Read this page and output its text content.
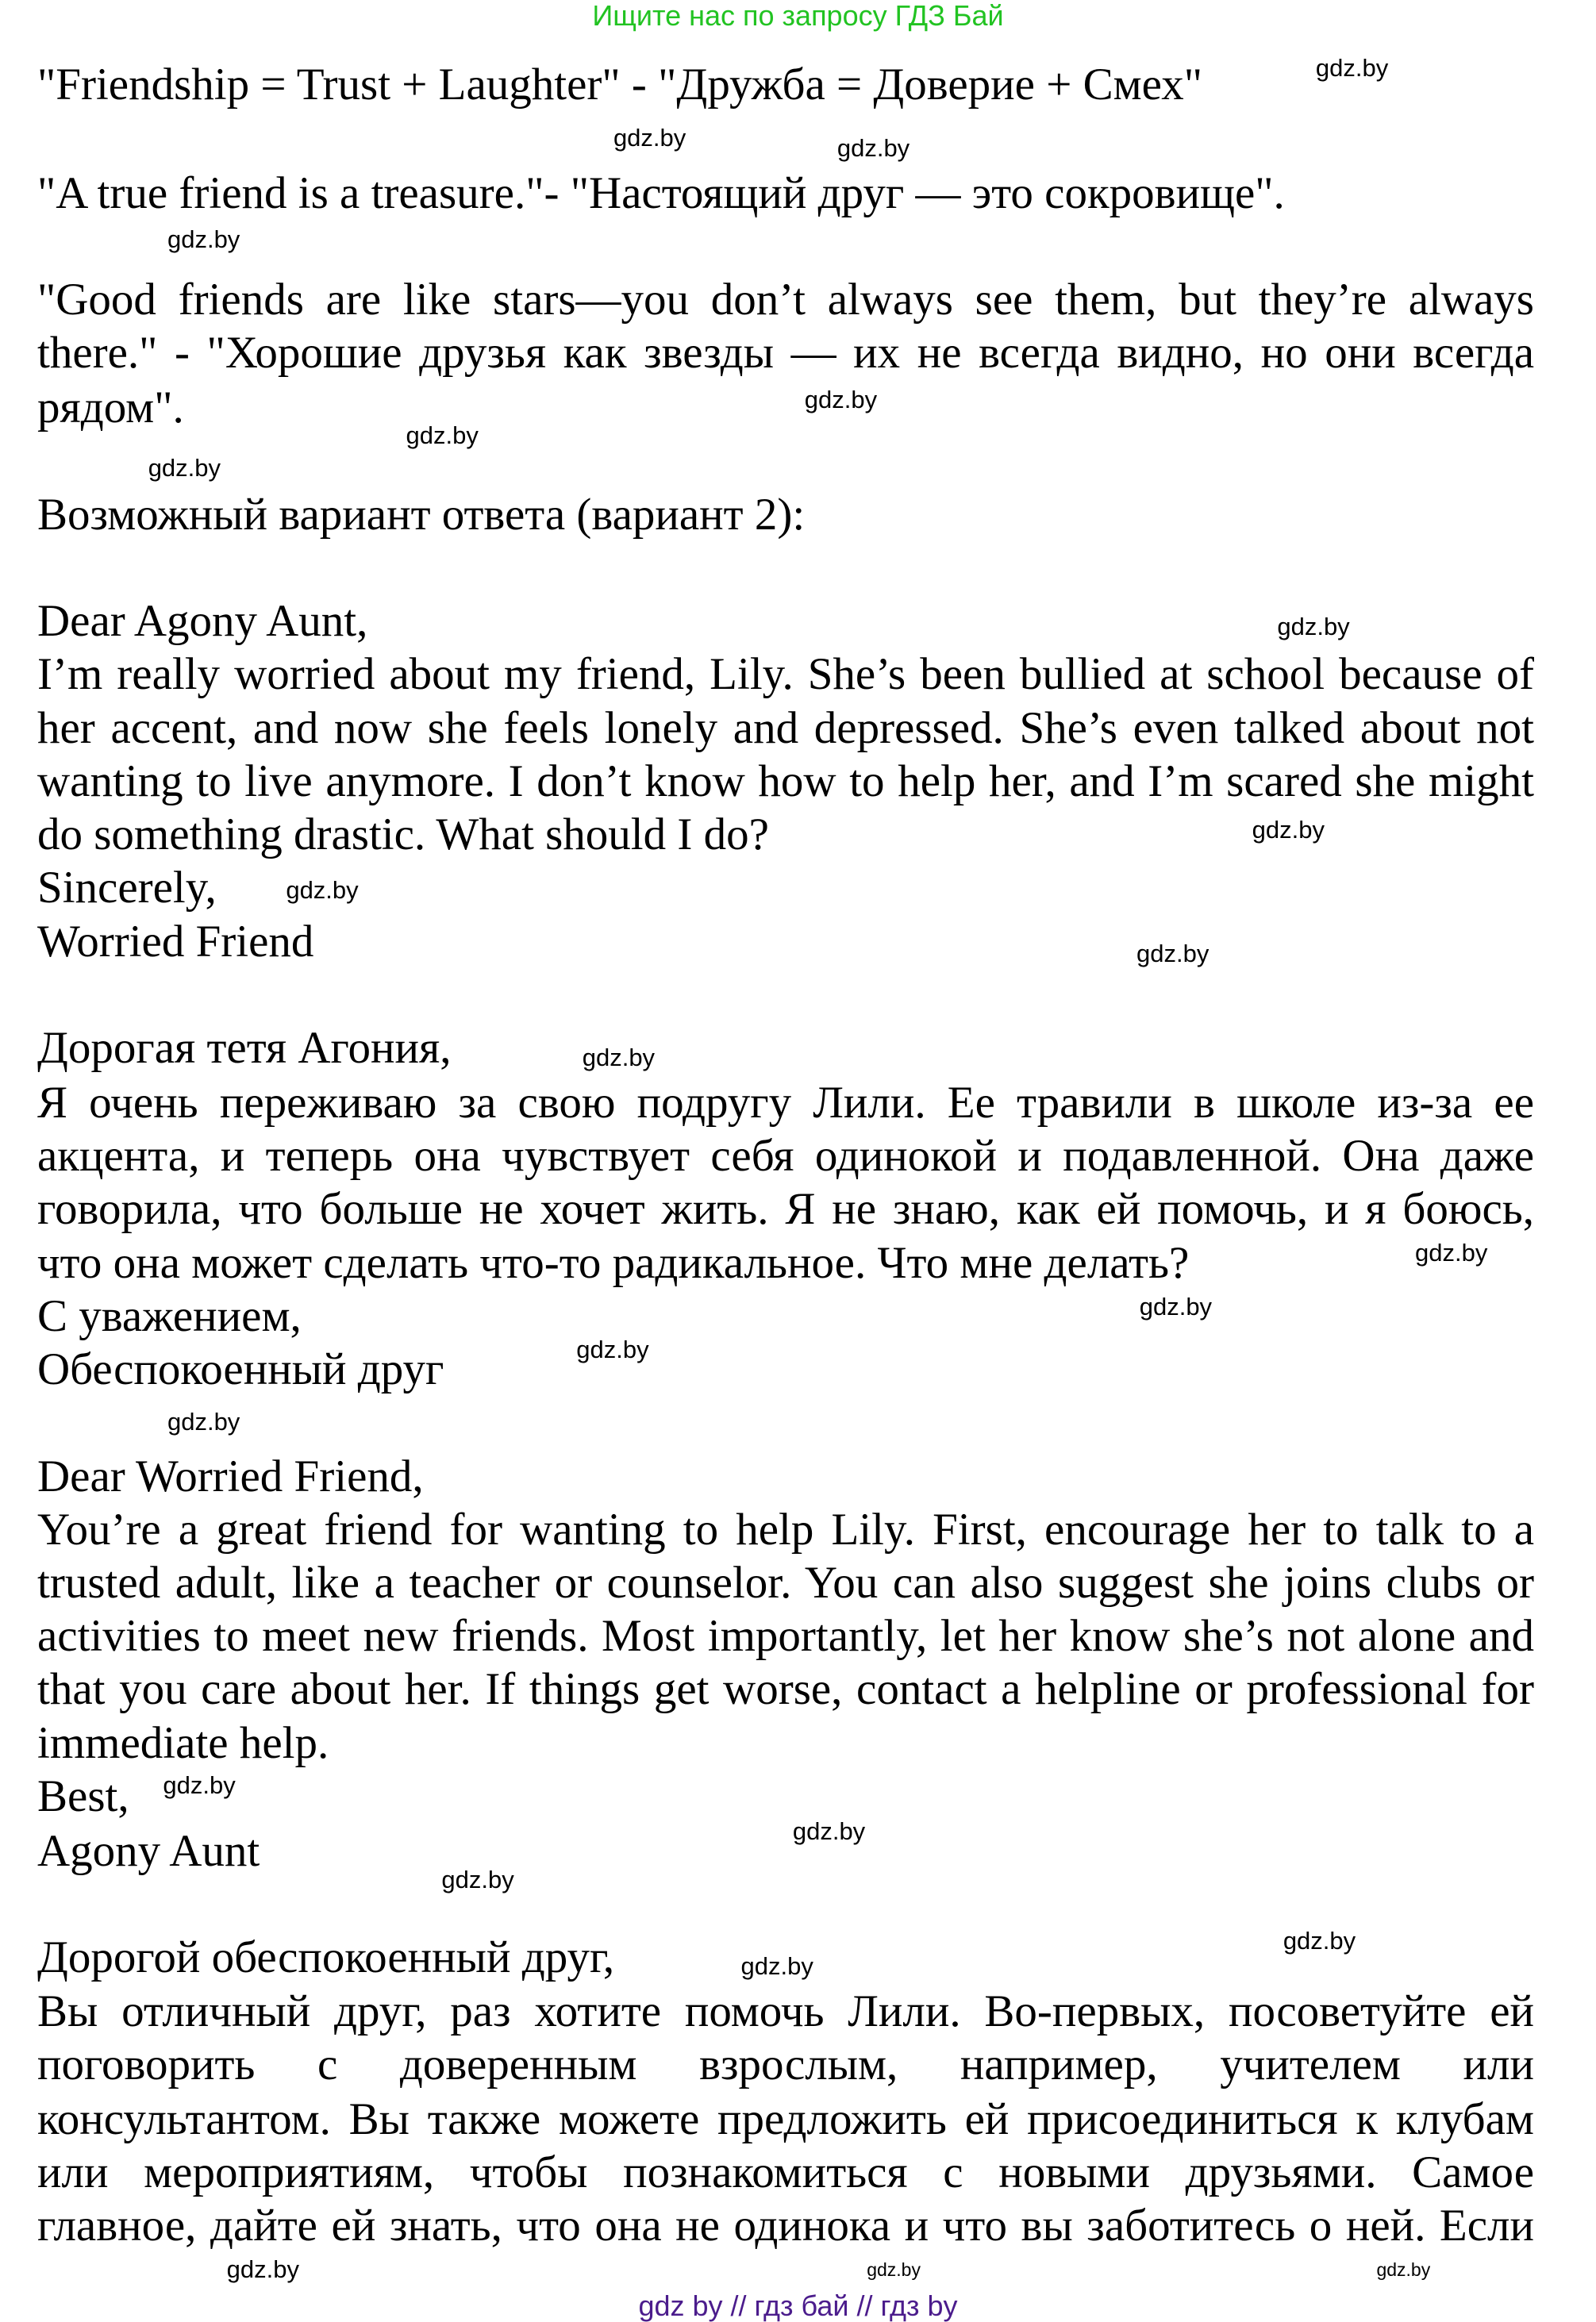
Ищите нас по запросу ГДЗ Бай
"Friendship = Trust + Laughter" - "Дружба = Доверие + Смех"
"A true friend is a treasure."- "Настоящий друг — это сокровище".
"Good friends are like stars—you don’t always see them, but they’re always
there." - "Хорошие друзья как звезды — их не всегда видно, но они всегда
рядом".
Возможный вариант ответа (вариант 2):
Dear Agony Aunt,
I’m really worried about my friend, Lily. She’s been bullied at school because of
her accent, and now she feels lonely and depressed. She’s even talked about not
wanting to live anymore. I don’t know how to help her, and I’m scared she might
do something drastic. What should I do?
Sincerely,
Worried Friend
Дорогая тетя Агония,
Я очень переживаю за свою подругу Лили. Ее травили в школе из-за ее
акцента, и теперь она чувствует себя одинокой и подавленной. Она даже
говорила, что больше не хочет жить. Я не знаю, как ей помочь, и я боюсь,
что она может сделать что-то радикальное. Что мне делать?
С уважением,
Обеспокоенный друг
Dear Worried Friend,
You’re a great friend for wanting to help Lily. First, encourage her to talk to a
trusted adult, like a teacher or counselor. You can also suggest she joins clubs or
activities to meet new friends. Most importantly, let her know she’s not alone and
that you care about her. If things get worse, contact a helpline or professional for
immediate help.
Best,
Agony Aunt
Дорогой обеспокоенный друг,
Вы отличный друг, раз хотите помочь Лили. Во-первых, посоветуйте ей
поговорить с доверенным взрослым, например, учителем или
консультантом. Вы также можете предложить ей присоединиться к клубам
или мероприятиям, чтобы познакомиться с новыми друзьями. Самое
главное, дайте ей знать, что она не одинока и что вы заботитесь о ней. Если
gdz.by
gdz.by	gdz.by
gdz.by
gdz.by
gdz.by
gdz.by
gdz.by
gdz.by
gdz.by
gdz.by
gdz.by
gdz.by
gdz.by
gdz.by
gdz.by
gdz.by
gdz.by
gdz.by
gdz.by
gdz.by
gdz.by	gdz.by
gdz.by
gdz by // гдз бай // гдз by
